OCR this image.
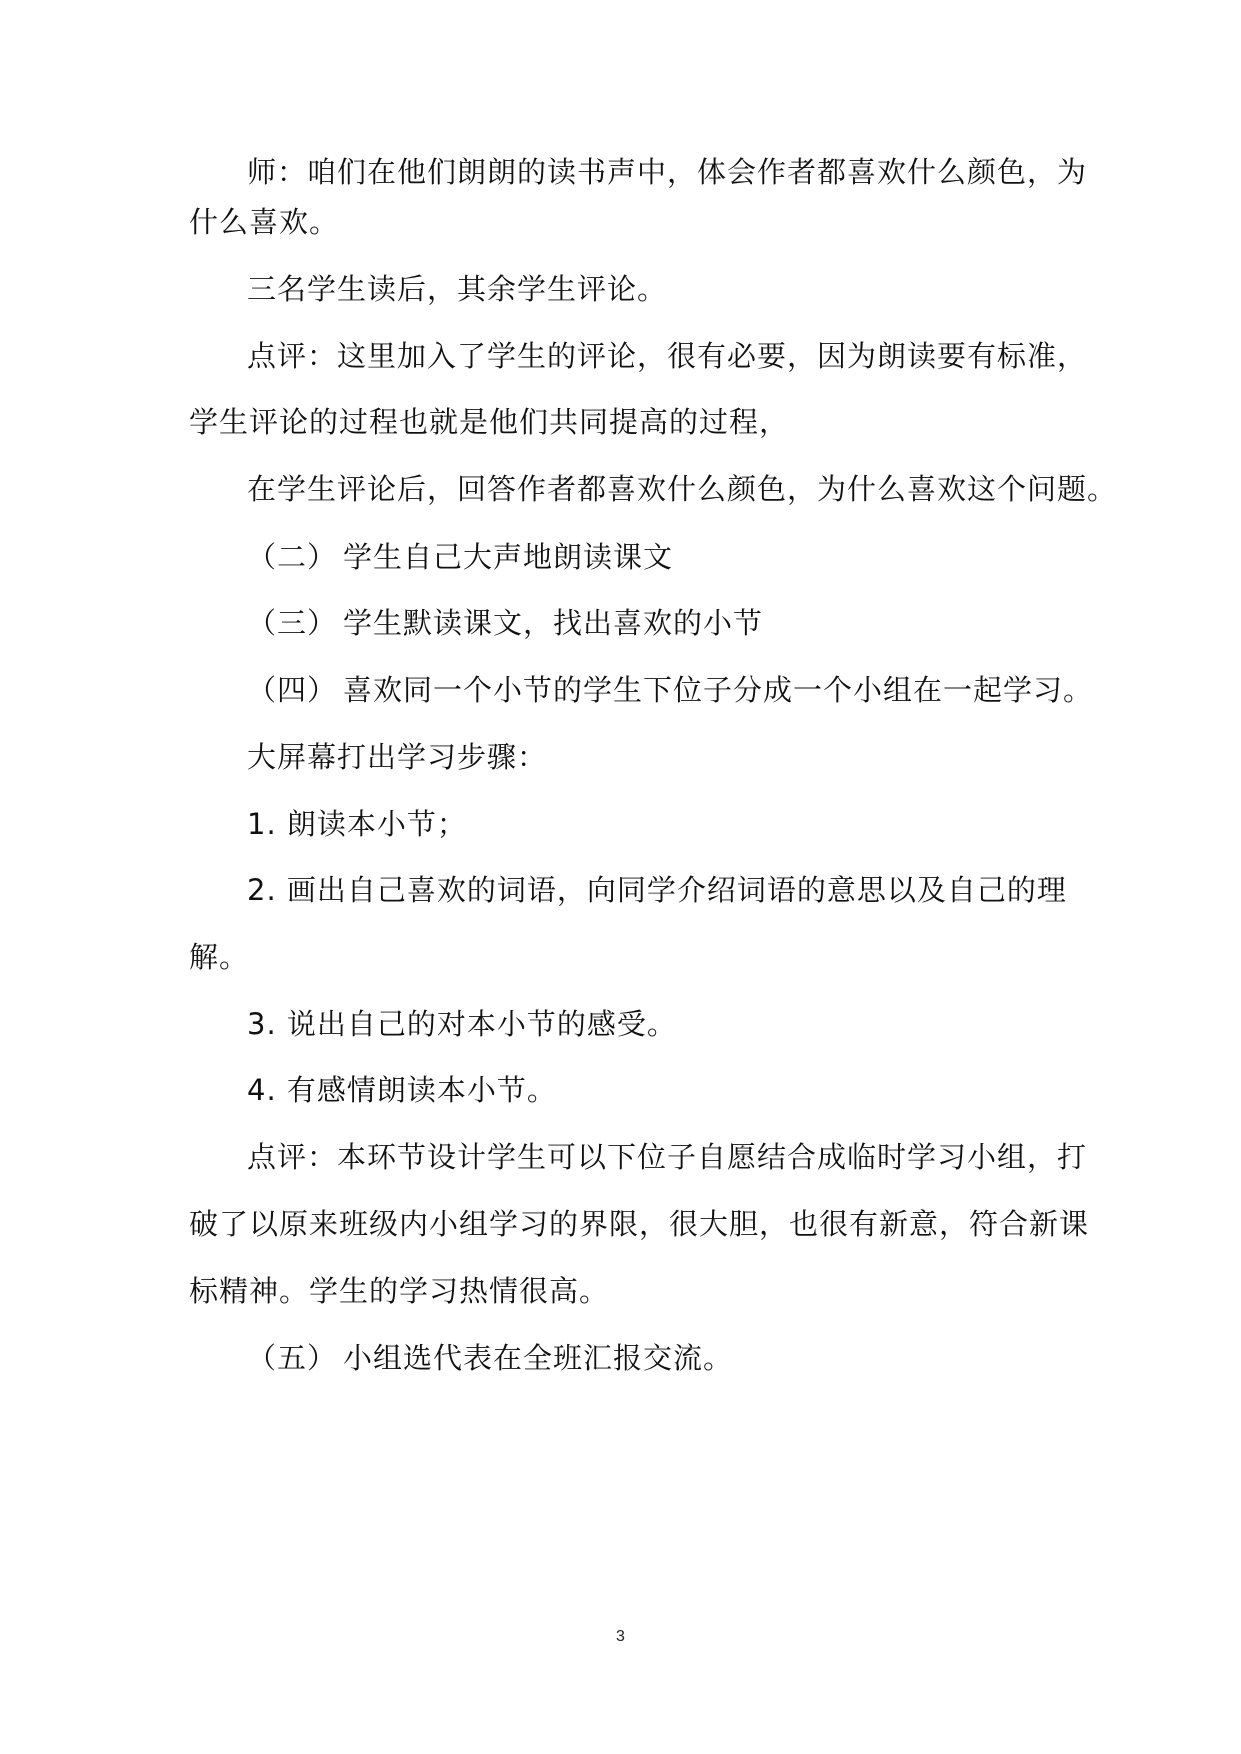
师：咱们在他们朗朗的读书声中，体会作者都喜欢什么颜色，为
什么喜欢。
三名学生读后，其余学生评论。
点评：这里加入了学生的评论，很有必要，因为朗读要有标准，
学生评论的过程也就是他们共同提高的过程，
在学生评论后，回答作者都喜欢什么颜色，为什么喜欢这个问题。
（二） 学生自己大声地朗读课文
（三） 学生默读课文，找出喜欢的小节
（四） 喜欢同一个小节的学生下位子分成一个小组在一起学习。
大屏幕打出学习步骤：
1. 朗读本小节；
2. 画出自己喜欢的词语，向同学介绍词语的意思以及自己的理
解。
3. 说出自己的对本小节的感受。
4. 有感情朗读本小节。
点评：本环节设计学生可以下位子自愿结合成临时学习小组，打
破了以原来班级内小组学习的界限，很大胆，也很有新意，符合新课
标精神。学生的学习热情很高。
（五） 小组选代表在全班汇报交流。
3
